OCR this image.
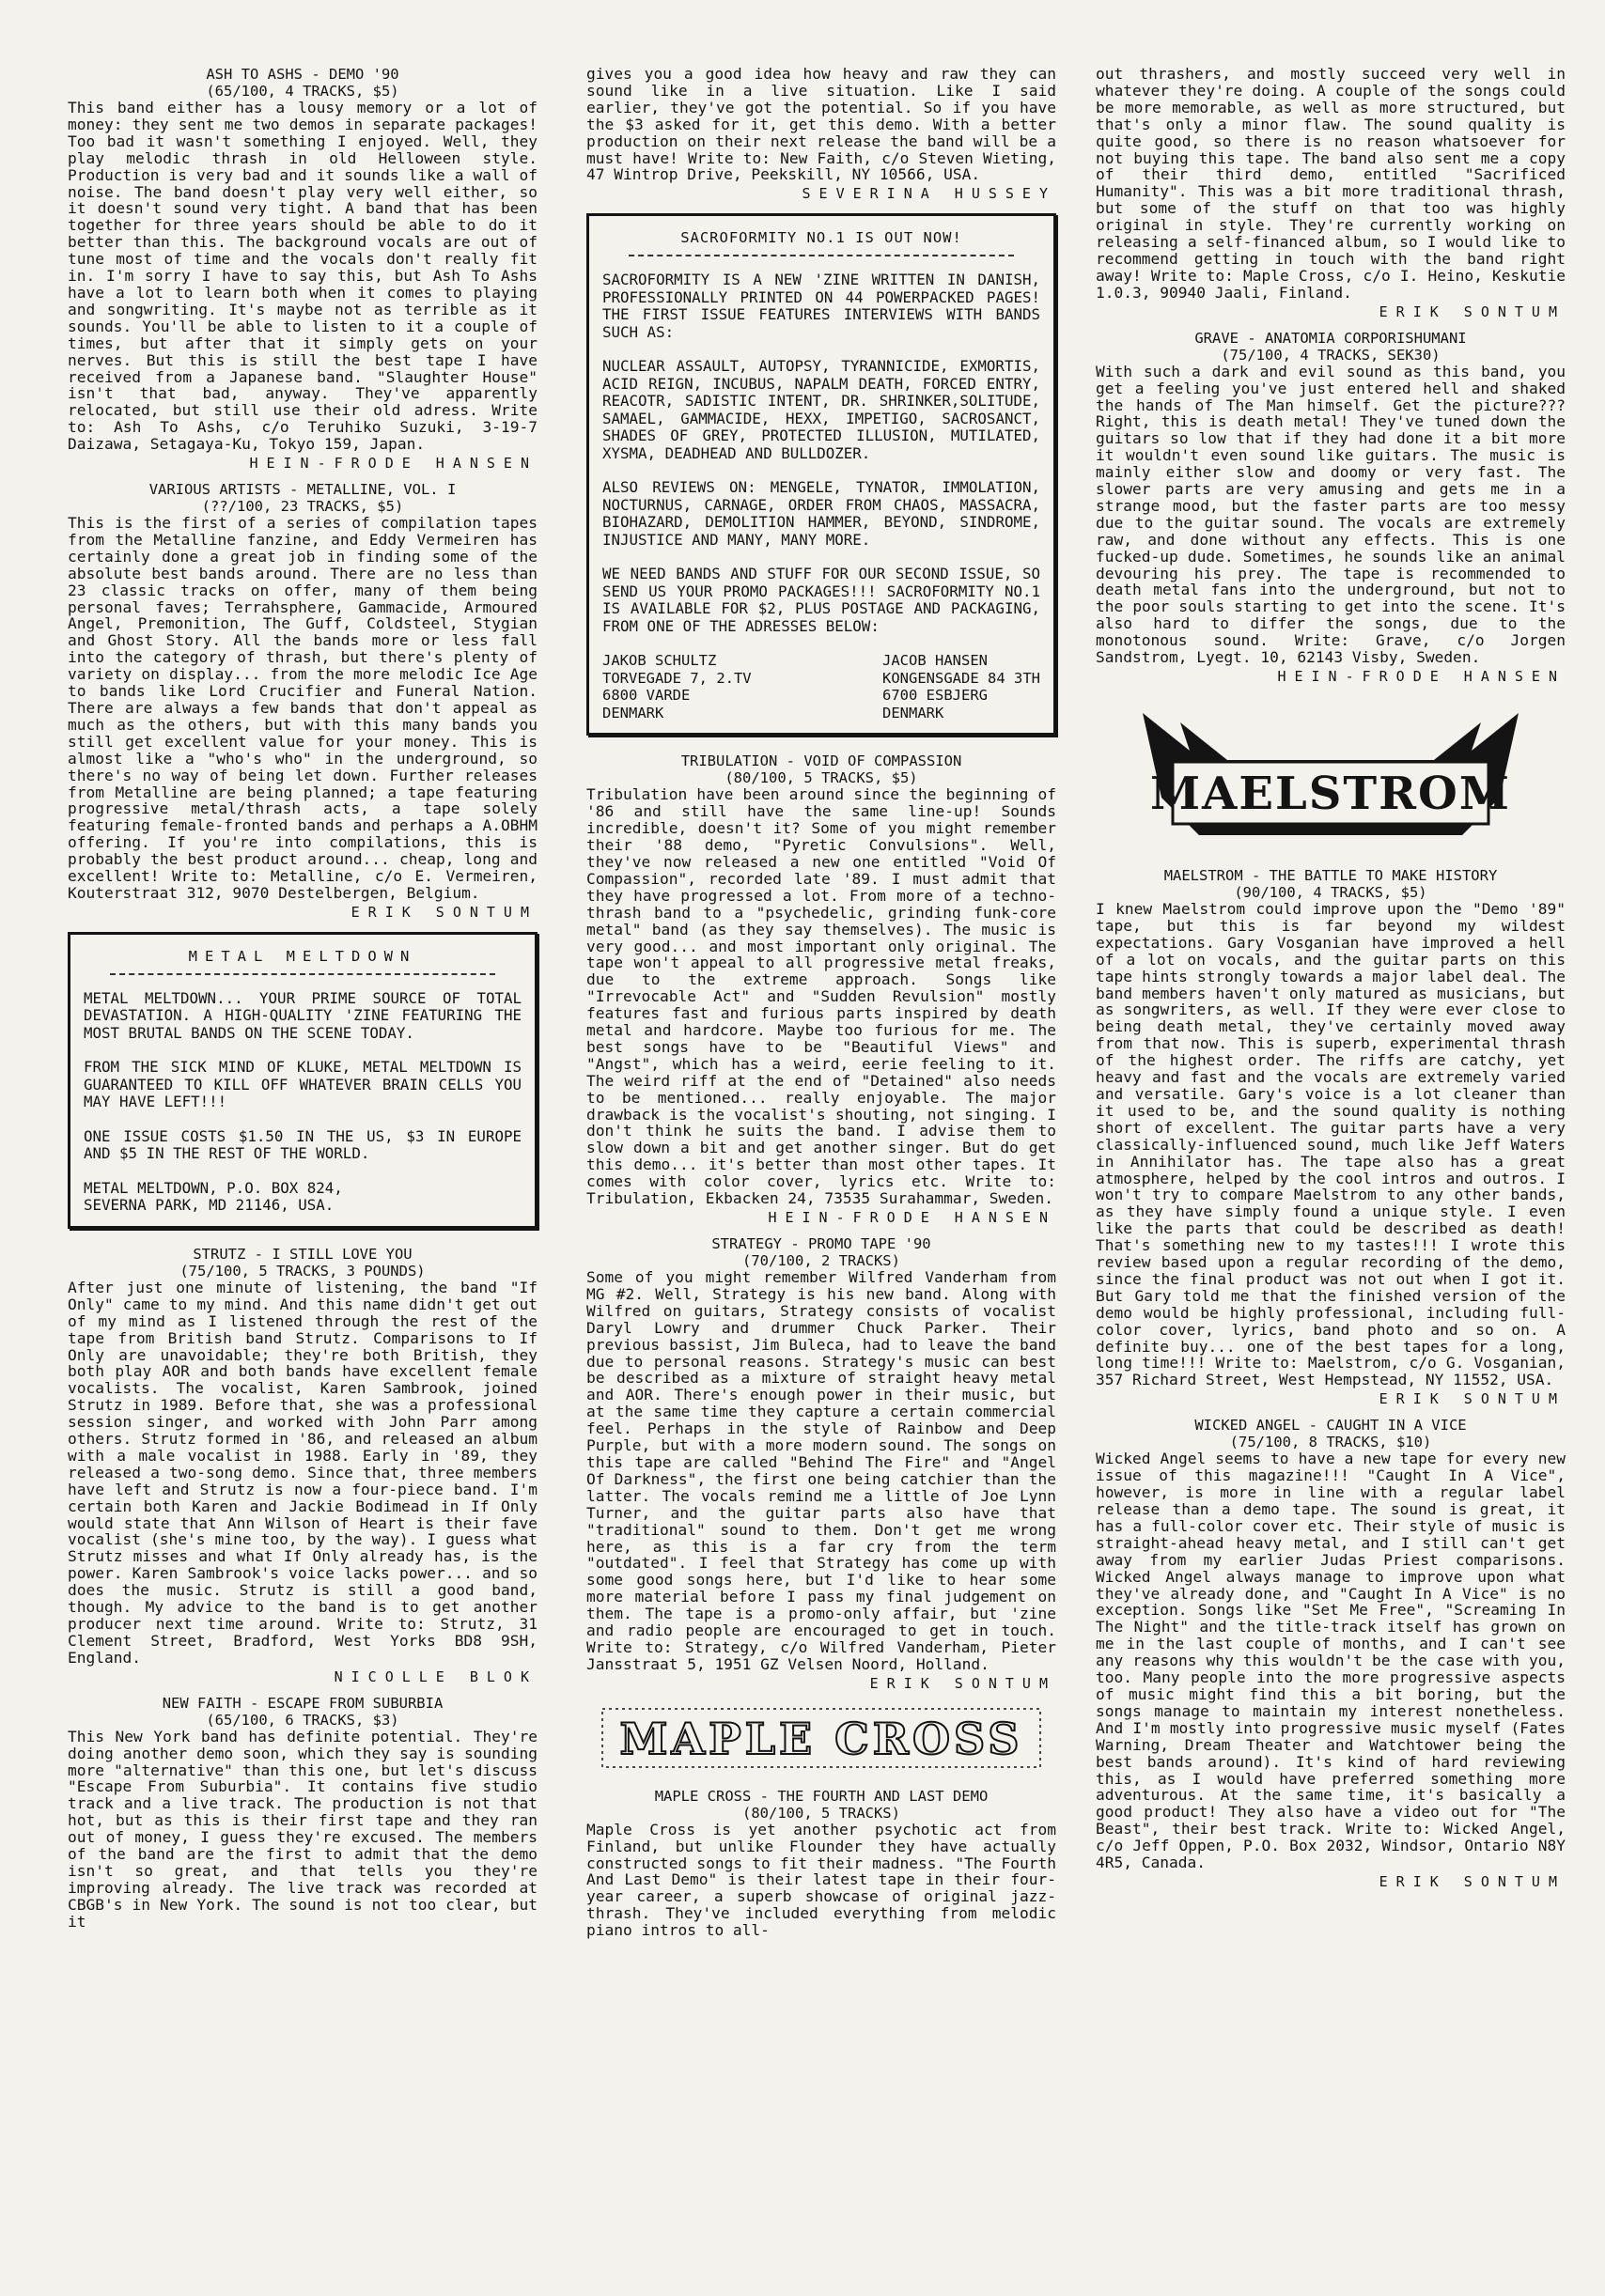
ASH TO ASHS - DEMO '90

(65/100, 4 TRACKS, $5)

This band either has a lousy memory or a lot of money: they sent me two demos in separate packages! Too bad it wasn't something I enjoyed. Well, they play melodic thrash in old Helloween style. Production is very bad and it sounds like a wall of noise. The band doesn't play very well either, so it doesn't sound very tight. A band that has been together for three years should be able to do it better than this. The background vocals are out of tune most of time and the vocals don't really fit in. I'm sorry I have to say this, but Ash To Ashs have a lot to learn both when it comes to playing and songwriting. It's maybe not as terrible as it sounds. You'll be able to listen to it a couple of times, but after that it simply gets on your nerves. But this is still the best tape I have received from a Japanese band. "Slaughter House" isn't that bad, anyway. They've apparently relocated, but still use their old adress. Write to: Ash To Ashs, c/o Teruhiko Suzuki, 3-19-7 Daizawa, Setagaya-Ku, Tokyo 159, Japan.

HEIN-FRODE HANSEN

VARIOUS ARTISTS - METALLINE, VOL. I

(??/100, 23 TRACKS, $5)

This is the first of a series of compilation tapes from the Metalline fanzine, and Eddy Vermeiren has certainly done a great job in finding some of the absolute best bands around. There are no less than 23 classic tracks on offer, many of them being personal faves; Terrahsphere, Gammacide, Armoured Angel, Premonition, The Guff, Coldsteel, Stygian and Ghost Story. All the bands more or less fall into the category of thrash, but there's plenty of variety on display... from the more melodic Ice Age to bands like Lord Crucifier and Funeral Nation. There are always a few bands that don't appeal as much as the others, but with this many bands you still get excellent value for your money. This is almost like a "who's who" in the underground, so there's no way of being let down. Further releases from Metalline are being planned; a tape featuring progressive metal/thrash acts, a tape solely featuring female-fronted bands and perhaps a A.OBHM offering. If you're into compilations, this is probably the best product around... cheap, long and excellent! Write to: Metalline, c/o E. Vermeiren, Kouterstraat 312, 9070 Destelbergen, Belgium.

ERIK SONTUM

METAL MELTDOWN

METAL MELTDOWN... YOUR PRIME SOURCE OF TOTAL DEVASTATION. A HIGH-QUALITY 'ZINE FEATURING THE MOST BRUTAL BANDS ON THE SCENE TODAY.

FROM THE SICK MIND OF KLUKE, METAL MELTDOWN IS GUARANTEED TO KILL OFF WHATEVER BRAIN CELLS YOU MAY HAVE LEFT!!!

ONE ISSUE COSTS $1.50 IN THE US, $3 IN EUROPE AND $5 IN THE REST OF THE WORLD.

METAL MELTDOWN, P.O. BOX 824,

SEVERNA PARK, MD 21146, USA.

STRUTZ - I STILL LOVE YOU

(75/100, 5 TRACKS, 3 POUNDS)

After just one minute of listening, the band "If Only" came to my mind. And this name didn't get out of my mind as I listened through the rest of the tape from British band Strutz. Comparisons to If Only are unavoidable; they're both British, they both play AOR and both bands have excellent female vocalists. The vocalist, Karen Sambrook, joined Strutz in 1989. Before that, she was a professional session singer, and worked with John Parr among others. Strutz formed in '86, and released an album with a male vocalist in 1988. Early in '89, they released a two-song demo. Since that, three members have left and Strutz is now a four-piece band. I'm certain both Karen and Jackie Bodimead in If Only would state that Ann Wilson of Heart is their fave vocalist (she's mine too, by the way). I guess what Strutz misses and what If Only already has, is the power. Karen Sambrook's voice lacks power... and so does the music. Strutz is still a good band, though. My advice to the band is to get another producer next time around. Write to: Strutz, 31 Clement Street, Bradford, West Yorks BD8 9SH, England.

NICOLLE BLOK

NEW FAITH - ESCAPE FROM SUBURBIA

(65/100, 6 TRACKS, $3)

This New York band has definite potential. They're doing another demo soon, which they say is sounding more "alternative" than this one, but let's discuss "Escape From Suburbia". It contains five studio track and a live track. The production is not that hot, but as this is their first tape and they ran out of money, I guess they're excused. The members of the band are the first to admit that the demo isn't so great, and that tells you they're improving already. The live track was recorded at CBGB's in New York. The sound is not too clear, but it

gives you a good idea how heavy and raw they can sound like in a live situation. Like I said earlier, they've got the potential. So if you have the $3 asked for it, get this demo. With a better production on their next release the band will be a must have! Write to: New Faith, c/o Steven Wieting, 47 Wintrop Drive, Peekskill, NY 10566, USA.

SEVERINA HUSSEY

SACROFORMITY NO.1 IS OUT NOW!

SACROFORMITY IS A NEW 'ZINE WRITTEN IN DANISH, PROFESSIONALLY PRINTED ON 44 POWERPACKED PAGES! THE FIRST ISSUE FEATURES INTERVIEWS WITH BANDS SUCH AS:

NUCLEAR ASSAULT, AUTOPSY, TYRANNICIDE, EXMORTIS, ACID REIGN, INCUBUS, NAPALM DEATH, FORCED ENTRY, REACOTR, SADISTIC INTENT, DR. SHRINKER,SOLITUDE, SAMAEL, GAMMACIDE, HEXX, IMPETIGO, SACROSANCT, SHADES OF GREY, PROTECTED ILLUSION, MUTILATED, XYSMA, DEADHEAD AND BULLDOZER.

ALSO REVIEWS ON: MENGELE, TYNATOR, IMMOLATION, NOCTURNUS, CARNAGE, ORDER FROM CHAOS, MASSACRA, BIOHAZARD, DEMOLITION HAMMER, BEYOND, SINDROME, INJUSTICE AND MANY, MANY MORE.

WE NEED BANDS AND STUFF FOR OUR SECOND ISSUE, SO SEND US YOUR PROMO PACKAGES!!! SACROFORMITY NO.1 IS AVAILABLE FOR $2, PLUS POSTAGE AND PACKAGING, FROM ONE OF THE ADRESSES BELOW:

JAKOB SCHULTZ
TORVEGADE 7, 2.TV
6800 VARDE
DENMARK
JACOB HANSEN
KONGENSGADE 84 3TH
6700 ESBJERG
DENMARK

TRIBULATION - VOID OF COMPASSION

(80/100, 5 TRACKS, $5)

Tribulation have been around since the beginning of '86 and still have the same line-up! Sounds incredible, doesn't it? Some of you might remember their '88 demo, "Pyretic Convulsions". Well, they've now released a new one entitled "Void Of Compassion", recorded late '89. I must admit that they have progressed a lot. From more of a techno-thrash band to a "psychedelic, grinding funk-core metal" band (as they say themselves). The music is very good... and most important only original. The tape won't appeal to all progressive metal freaks, due to the extreme approach. Songs like "Irrevocable Act" and "Sudden Revulsion" mostly features fast and furious parts inspired by death metal and hardcore. Maybe too furious for me. The best songs have to be "Beautiful Views" and "Angst", which has a weird, eerie feeling to it. The weird riff at the end of "Detained" also needs to be mentioned... really enjoyable. The major drawback is the vocalist's shouting, not singing. I don't think he suits the band. I advise them to slow down a bit and get another singer. But do get this demo... it's better than most other tapes. It comes with color cover, lyrics etc. Write to: Tribulation, Ekbacken 24, 73535 Surahammar, Sweden.

HEIN-FRODE HANSEN

STRATEGY - PROMO TAPE '90

(70/100, 2 TRACKS)

Some of you might remember Wilfred Vanderham from MG #2. Well, Strategy is his new band. Along with Wilfred on guitars, Strategy consists of vocalist Daryl Lowry and drummer Chuck Parker. Their previous bassist, Jim Buleca, had to leave the band due to personal reasons. Strategy's music can best be described as a mixture of straight heavy metal and AOR. There's enough power in their music, but at the same time they capture a certain commercial feel. Perhaps in the style of Rainbow and Deep Purple, but with a more modern sound. The songs on this tape are called "Behind The Fire" and "Angel Of Darkness", the first one being catchier than the latter. The vocals remind me a little of Joe Lynn Turner, and the guitar parts also have that "traditional" sound to them. Don't get me wrong here, as this is a far cry from the term "outdated". I feel that Strategy has come up with some good songs here, but I'd like to hear some more material before I pass my final judgement on them. The tape is a promo-only affair, but 'zine and radio people are encouraged to get in touch. Write to: Strategy, c/o Wilfred Vanderham, Pieter Jansstraat 5, 1951 GZ Velsen Noord, Holland.

ERIK SONTUM
MAPLE CROSS

MAPLE CROSS - THE FOURTH AND LAST DEMO

(80/100, 5 TRACKS)

Maple Cross is yet another psychotic act from Finland, but unlike Flounder they have actually constructed songs to fit their madness. "The Fourth And Last Demo" is their latest tape in their four-year career, a superb showcase of original jazz-thrash. They've included everything from melodic piano intros to all-

out thrashers, and mostly succeed very well in whatever they're doing. A couple of the songs could be more memorable, as well as more structured, but that's only a minor flaw. The sound quality is quite good, so there is no reason whatsoever for not buying this tape. The band also sent me a copy of their third demo, entitled "Sacrificed Humanity". This was a bit more traditional thrash, but some of the stuff on that too was highly original in style. They're currently working on releasing a self-financed album, so I would like to recommend getting in touch with the band right away! Write to: Maple Cross, c/o I. Heino, Keskutie 1.0.3, 90940 Jaali, Finland.

ERIK SONTUM

GRAVE - ANATOMIA CORPORISHUMANI

(75/100, 4 TRACKS, SEK30)

With such a dark and evil sound as this band, you get a feeling you've just entered hell and shaked the hands of The Man himself. Get the picture??? Right, this is death metal! They've tuned down the guitars so low that if they had done it a bit more it wouldn't even sound like guitars. The music is mainly either slow and doomy or very fast. The slower parts are very amusing and gets me in a strange mood, but the faster parts are too messy due to the guitar sound. The vocals are extremely raw, and done without any effects. This is one fucked-up dude. Sometimes, he sounds like an animal devouring his prey. The tape is recommended to death metal fans into the underground, but not to the poor souls starting to get into the scene. It's also hard to differ the songs, due to the monotonous sound. Write: Grave, c/o Jorgen Sandstrom, Lyegt. 10, 62143 Visby, Sweden.

HEIN-FRODE HANSEN
MAELSTROM

MAELSTROM - THE BATTLE TO MAKE HISTORY

(90/100, 4 TRACKS, $5)

I knew Maelstrom could improve upon the "Demo '89" tape, but this is far beyond my wildest expectations. Gary Vosganian have improved a hell of a lot on vocals, and the guitar parts on this tape hints strongly towards a major label deal. The band members haven't only matured as musicians, but as songwriters, as well. If they were ever close to being death metal, they've certainly moved away from that now. This is superb, experimental thrash of the highest order. The riffs are catchy, yet heavy and fast and the vocals are extremely varied and versatile. Gary's voice is a lot cleaner than it used to be, and the sound quality is nothing short of excellent. The guitar parts have a very classically-influenced sound, much like Jeff Waters in Annihilator has. The tape also has a great atmosphere, helped by the cool intros and outros. I won't try to compare Maelstrom to any other bands, as they have simply found a unique style. I even like the parts that could be described as death! That's something new to my tastes!!! I wrote this review based upon a regular recording of the demo, since the final product was not out when I got it. But Gary told me that the finished version of the demo would be highly professional, including full-color cover, lyrics, band photo and so on. A definite buy... one of the best tapes for a long, long time!!! Write to: Maelstrom, c/o G. Vosganian, 357 Richard Street, West Hempstead, NY 11552, USA.

ERIK SONTUM

WICKED ANGEL - CAUGHT IN A VICE

(75/100, 8 TRACKS, $10)

Wicked Angel seems to have a new tape for every new issue of this magazine!!! "Caught In A Vice", however, is more in line with a regular label release than a demo tape. The sound is great, it has a full-color cover etc. Their style of music is straight-ahead heavy metal, and I still can't get away from my earlier Judas Priest comparisons. Wicked Angel always manage to improve upon what they've already done, and "Caught In A Vice" is no exception. Songs like "Set Me Free", "Screaming In The Night" and the title-track itself has grown on me in the last couple of months, and I can't see any reasons why this wouldn't be the case with you, too. Many people into the more progressive aspects of music might find this a bit boring, but the songs manage to maintain my interest nonetheless. And I'm mostly into progressive music myself (Fates Warning, Dream Theater and Watchtower being the best bands around). It's kind of hard reviewing this, as I would have preferred something more adventurous. At the same time, it's basically a good product! They also have a video out for "The Beast", their best track. Write to: Wicked Angel, c/o Jeff Oppen, P.O. Box 2032, Windsor, Ontario N8Y 4R5, Canada.

ERIK SONTUM
